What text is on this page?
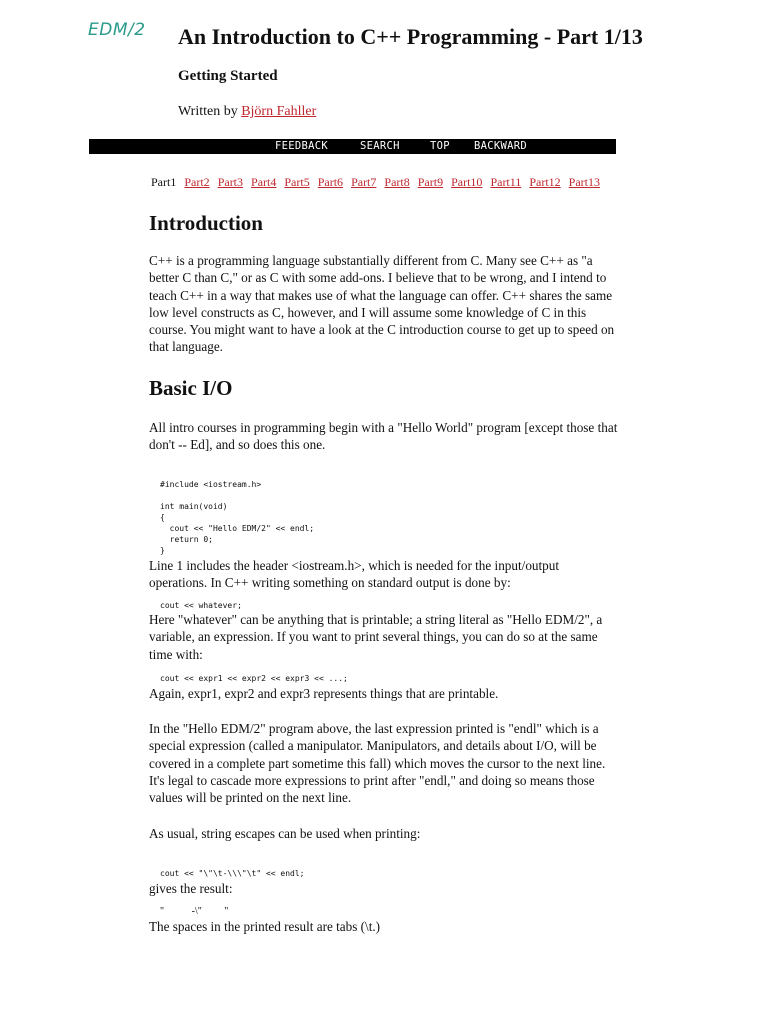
EDM/2 An Introduction to C++ Programming - Part 1/13
Getting Started
Written by Björn Fahller
FEEDBACK	SEARCH	TOP BACKWARD
Part1 Part2 Part3 Part4 Part5 Part6 Part7 Part8 Part9 Part10 Part11 Part12 Part13
Introduction
C++ is a programming language substantially different from C. Many see C++ as "a better C than C," or as C with some add-ons. I believe that to be wrong, and I intend to teach C++ in a way that makes use of what the language can offer. C++ shares the same low level constructs as C, however, and I will assume some knowledge of C in this course. You might want to have a look at the C introduction course to get up to speed on that language.
Basic I/O
All intro courses in programming begin with a "Hello World" program [except those that don't -- Ed], and so does this one.
#include <iostream.h>

int main(void)
{
cout << "Hello EDM/2" << endl;
return 0;
}
Line 1 includes the header <iostream.h>, which is needed for the input/output operations. In C++ writing something on standard output is done by:
cout << whatever;
Here "whatever" can be anything that is printable; a string literal as "Hello EDM/2", a variable, an expression. If you want to print several things, you can do so at the same time with:
cout << expr1 << expr2 << expr3 << ...;
Again, expr1, expr2 and expr3 represents things that are printable.
In the "Hello EDM/2" program above, the last expression printed is "endl" which is a special expression (called a manipulator. Manipulators, and details about I/O, will be covered in a complete part sometime this fall) which moves the cursor to the next line. It's legal to cascade more expressions to print after "endl," and doing so means those values will be printed on the next line.
As usual, string escapes can be used when printing:
cout << "\"\t-\\\"\t" << endl;
gives the result:
"           -\"         "
The spaces in the printed result are tabs (\t.)
